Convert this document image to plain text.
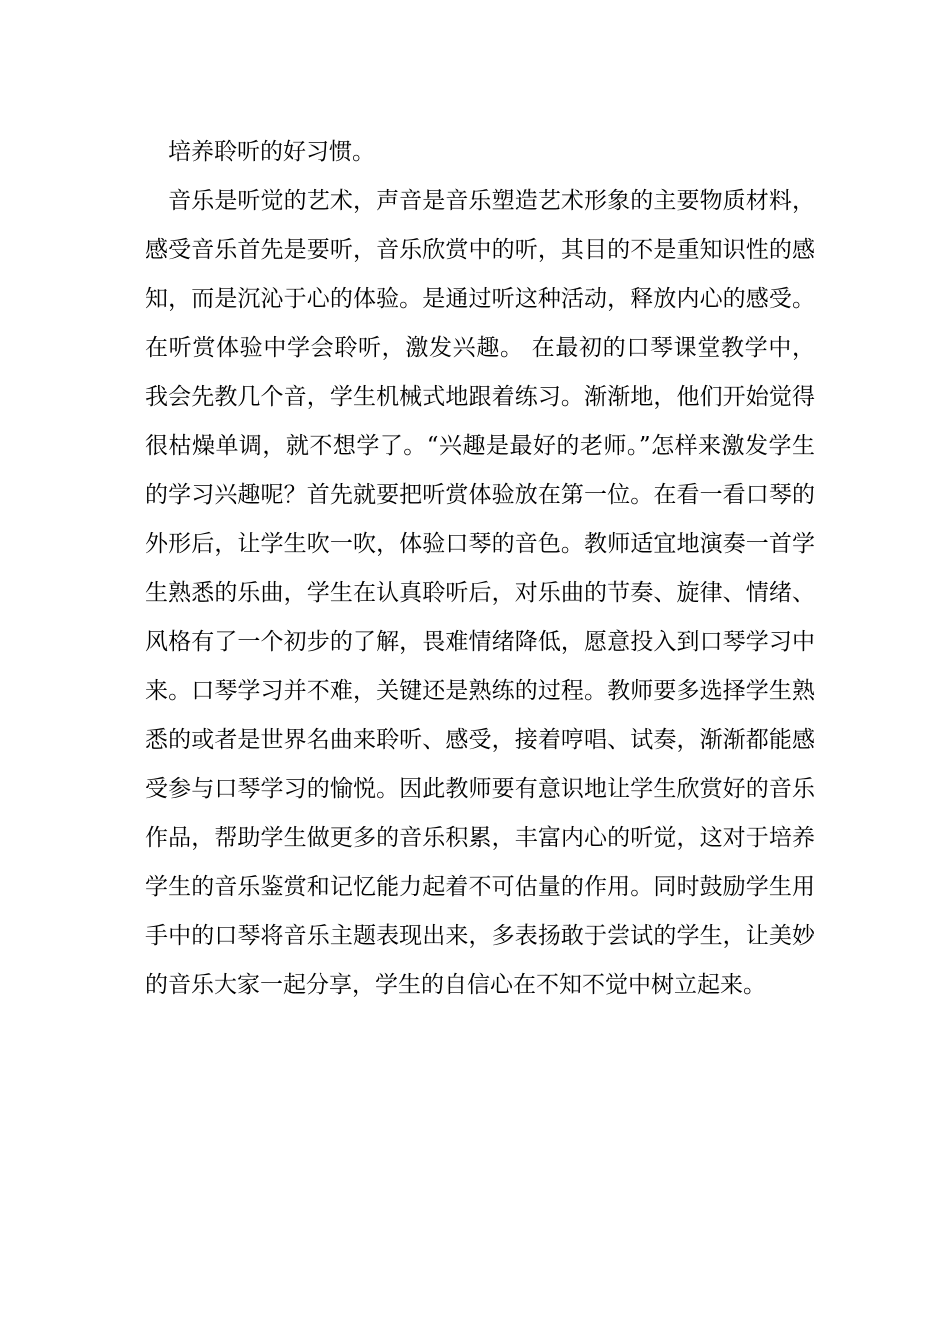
培养聆听的好习惯。

音乐是听觉的艺术，声音是音乐塑造艺术形象的主要物质材料，感受音乐首先是要听，音乐欣赏中的听，其目的不是重知识性的感知，而是沉沁于心的体验。是通过听这种活动，释放内心的感受。在听赏体验中学会聆听，激发兴趣。 在最初的口琴课堂教学中，我会先教几个音，学生机械式地跟着练习。渐渐地，他们开始觉得很枯燥单调，就不想学了。“兴趣是最好的老师。”怎样来激发学生的学习兴趣呢？首先就要把听赏体验放在第一位。在看一看口琴的外形后，让学生吹一吹，体验口琴的音色。教师适宜地演奏一首学生熟悉的乐曲，学生在认真聆听后，对乐曲的节奏、旋律、情绪、风格有了一个初步的了解，畏难情绪降低，愿意投入到口琴学习中来。口琴学习并不难，关键还是熟练的过程。教师要多选择学生熟悉的或者是世界名曲来聆听、感受，接着哼唱、试奏，渐渐都能感受参与口琴学习的愉悦。因此教师要有意识地让学生欣赏好的音乐作品，帮助学生做更多的音乐积累，丰富内心的听觉，这对于培养学生的音乐鉴赏和记忆能力起着不可估量的作用。同时鼓励学生用手中的口琴将音乐主题表现出来，多表扬敢于尝试的学生，让美妙的音乐大家一起分享，学生的自信心在不知不觉中树立起来。
